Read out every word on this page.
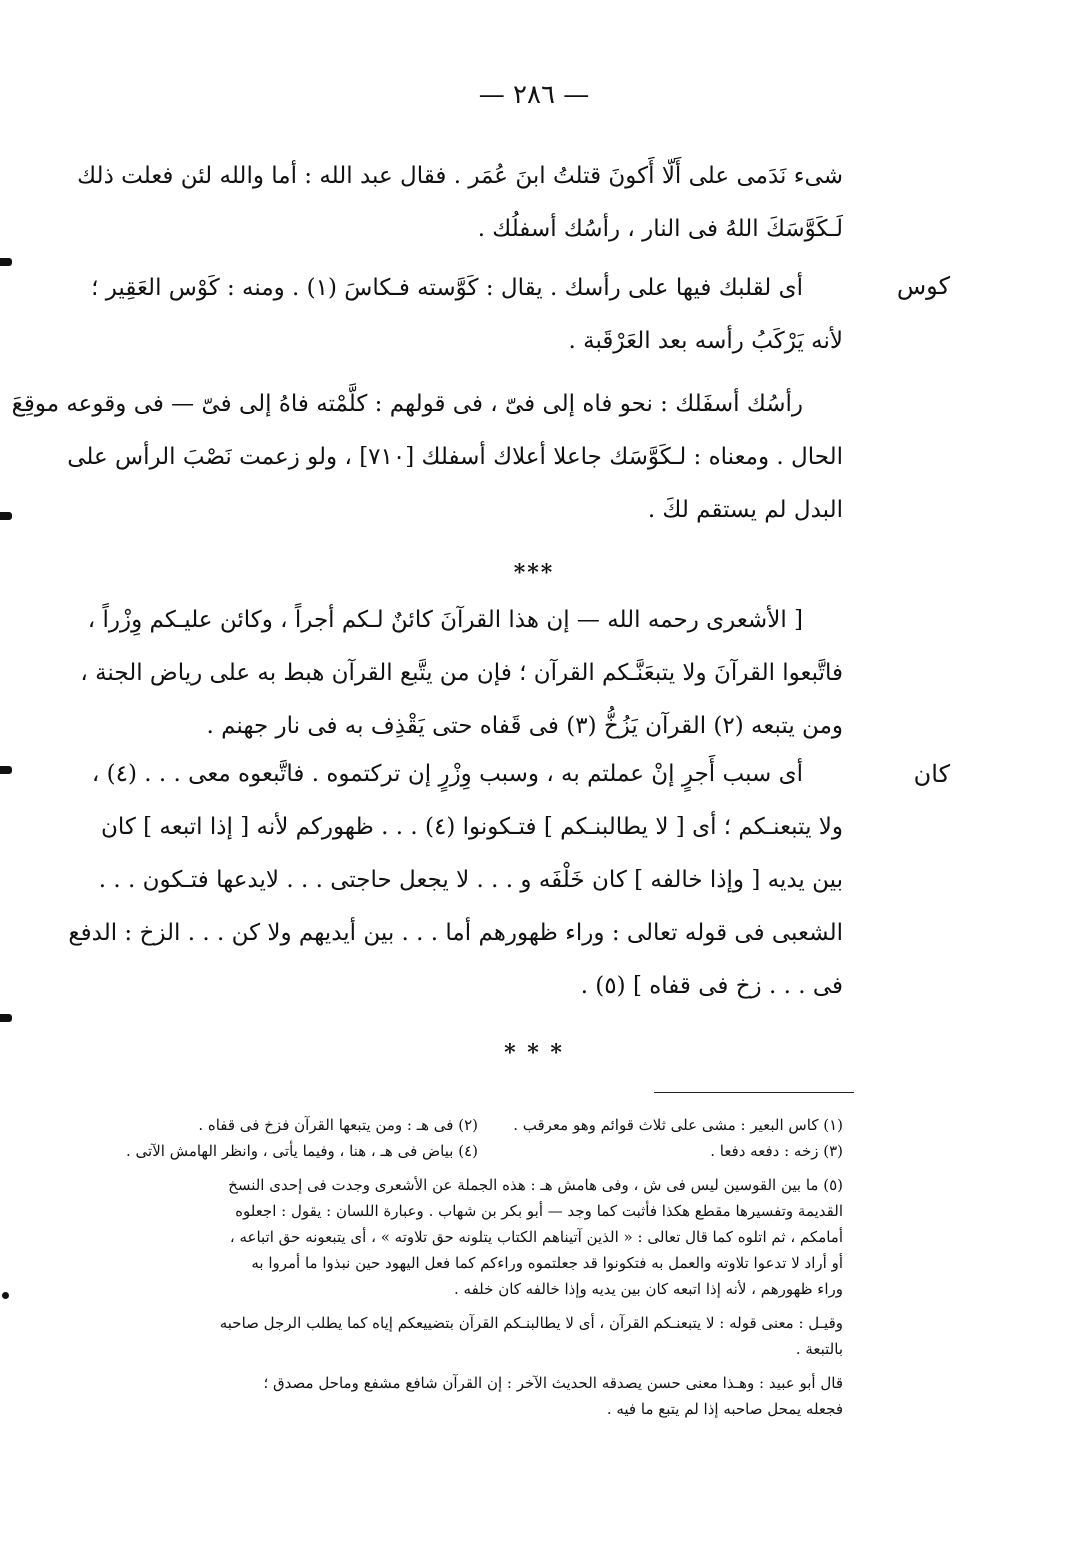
— ٢٨٦ —
شىء نَدَمى على أَلّا أَكونَ قتلتُ ابنَ عُمَر . فقال عبد الله : أما والله لئن فعلت ذلك
لَـكَوَّسَكَ اللهُ فى النار ، رأسُك أسفلُك .
كوس
أى لقلبك فيها على رأسك . يقال : كَوَّسته فـكاسَ (١) . ومنه : كَوْس العَقِير ؛
لأنه يَرْكَبُ رأسه بعد العَرْقَبة .
رأسُك أسفَلك : نحو فاه إلى فىّ ، فى قولهم : كلَّمْته فاهُ إلى فىّ — فى وقوعه موقِعَ
الحال . ومعناه : لـكَوَّسَك جاعلا أعلاك أسفلك [٧١٠] ، ولو زعمت نَصْبَ الرأس على
البدل لم يستقم لكَ .
***
[ الأشعرى رحمه الله — إن هذا القرآنَ كائنٌ لـكم أجراً ، وكائن عليـكم وِزْراً ،
فاتَّبعوا القرآنَ ولا يتبعَنَّـكم القرآن ؛ فإن من يتَّبع القرآن هبط به على رياض الجنة ،
ومن يتبعه (٢) القرآن يَزُخُّ (٣) فى قَفاه حتى يَقْذِف به فى نار جهنم .
كان
أى سبب أَجرٍ إنْ عملتم به ، وسبب وِزْرٍ إن تركتموه . فاتَّبعوه معى . . . (٤) ،
ولا يتبعنـكم ؛ أى [ لا يطالبنـكم ] فتـكونوا (٤) . . . ظهوركم لأنه [ إذا اتبعه ] كان
بين يديه [ وإذا خالفه ] كان خَلْفَه و . . . لا يجعل حاجتى . . . لايدعها فتـكون . . .
الشعبى فى قوله تعالى : وراء ظهورهم أما . . . بين أيديهم ولا كن . . . الزخ : الدفع
فى . . . زخ فى قفاه ] (٥) .
* * *
(١) كاس البعير : مشى على ثلاث قوائم وهو معرقب .
(٢) فى هـ : ومن يتبعها القرآن فزخ فى قفاه .
(٣) زخه : دفعه دفعا .
(٤) بياض فى هـ ، هنا ، وفيما يأتى ، وانظر الهامش الآتى .
(٥) ما بين القوسين ليس فى ش ، وفى هامش هـ : هذه الجملة عن الأشعرى وجدت فى إحدى النسخ
القديمة وتفسيرها مقطع هكذا فأثبت كما وجد — أبو بكر بن شهاب . وعبارة اللسان : يقول : اجعلوه
أمامكم ، ثم اتلوه كما قال تعالى : « الذين آتيناهم الكتاب يتلونه حق تلاوته » ، أى يتبعونه حق اتباعه ،
أو أراد لا تدعوا تلاوته والعمل به فتكونوا قد جعلتموه وراءكم كما فعل اليهود حين نبذوا ما أمروا به
وراء ظهورهم ، لأنه إذا اتبعه كان بين يديه وإذا خالفه كان خلفه .
وقيـل : معنى قوله : لا يتبعنـكم القرآن ، أى لا يطالبنـكم القرآن بتضييعكم إياه كما يطلب الرجل صاحبه
بالتبعة .
قال أبو عبيد : وهـذا معنى حسن يصدقه الحديث الآخر : إن القرآن شافع مشفع وماحل مصدق ؛
فجعله يمحل صاحبه إذا لم يتبع ما فيه .
